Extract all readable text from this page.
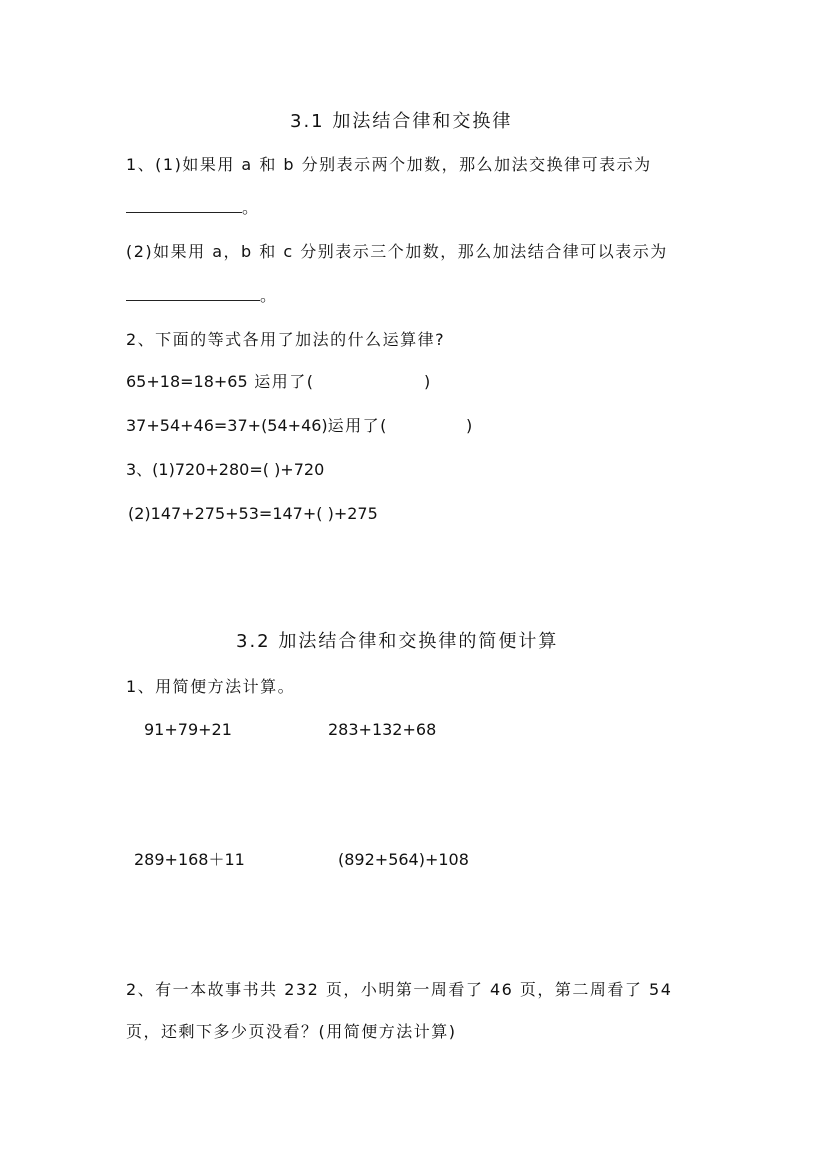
3.1 加法结合律和交换律
1、(1)如果用 a 和 b 分别表示两个加数，那么加法交换律可表示为
。
(2)如果用 a，b 和 c 分别表示三个加数，那么加法结合律可以表示为
。
2、下面的等式各用了加法的什么运算律?
65+18=18+65 运用了(	)
37+54+46=37+(54+46)运用了(	)
3、(1)720+280=( )+720
(2)147+275+53=147+( )+275
3.2 加法结合律和交换律的简便计算
1、用简便方法计算。
91+79+21	283+132+68
289+168＋11	(892+564)+108
2、有一本故事书共 232 页，小明第一周看了 46 页，第二周看了 54
页，还剩下多少页没看？(用简便方法计算)
